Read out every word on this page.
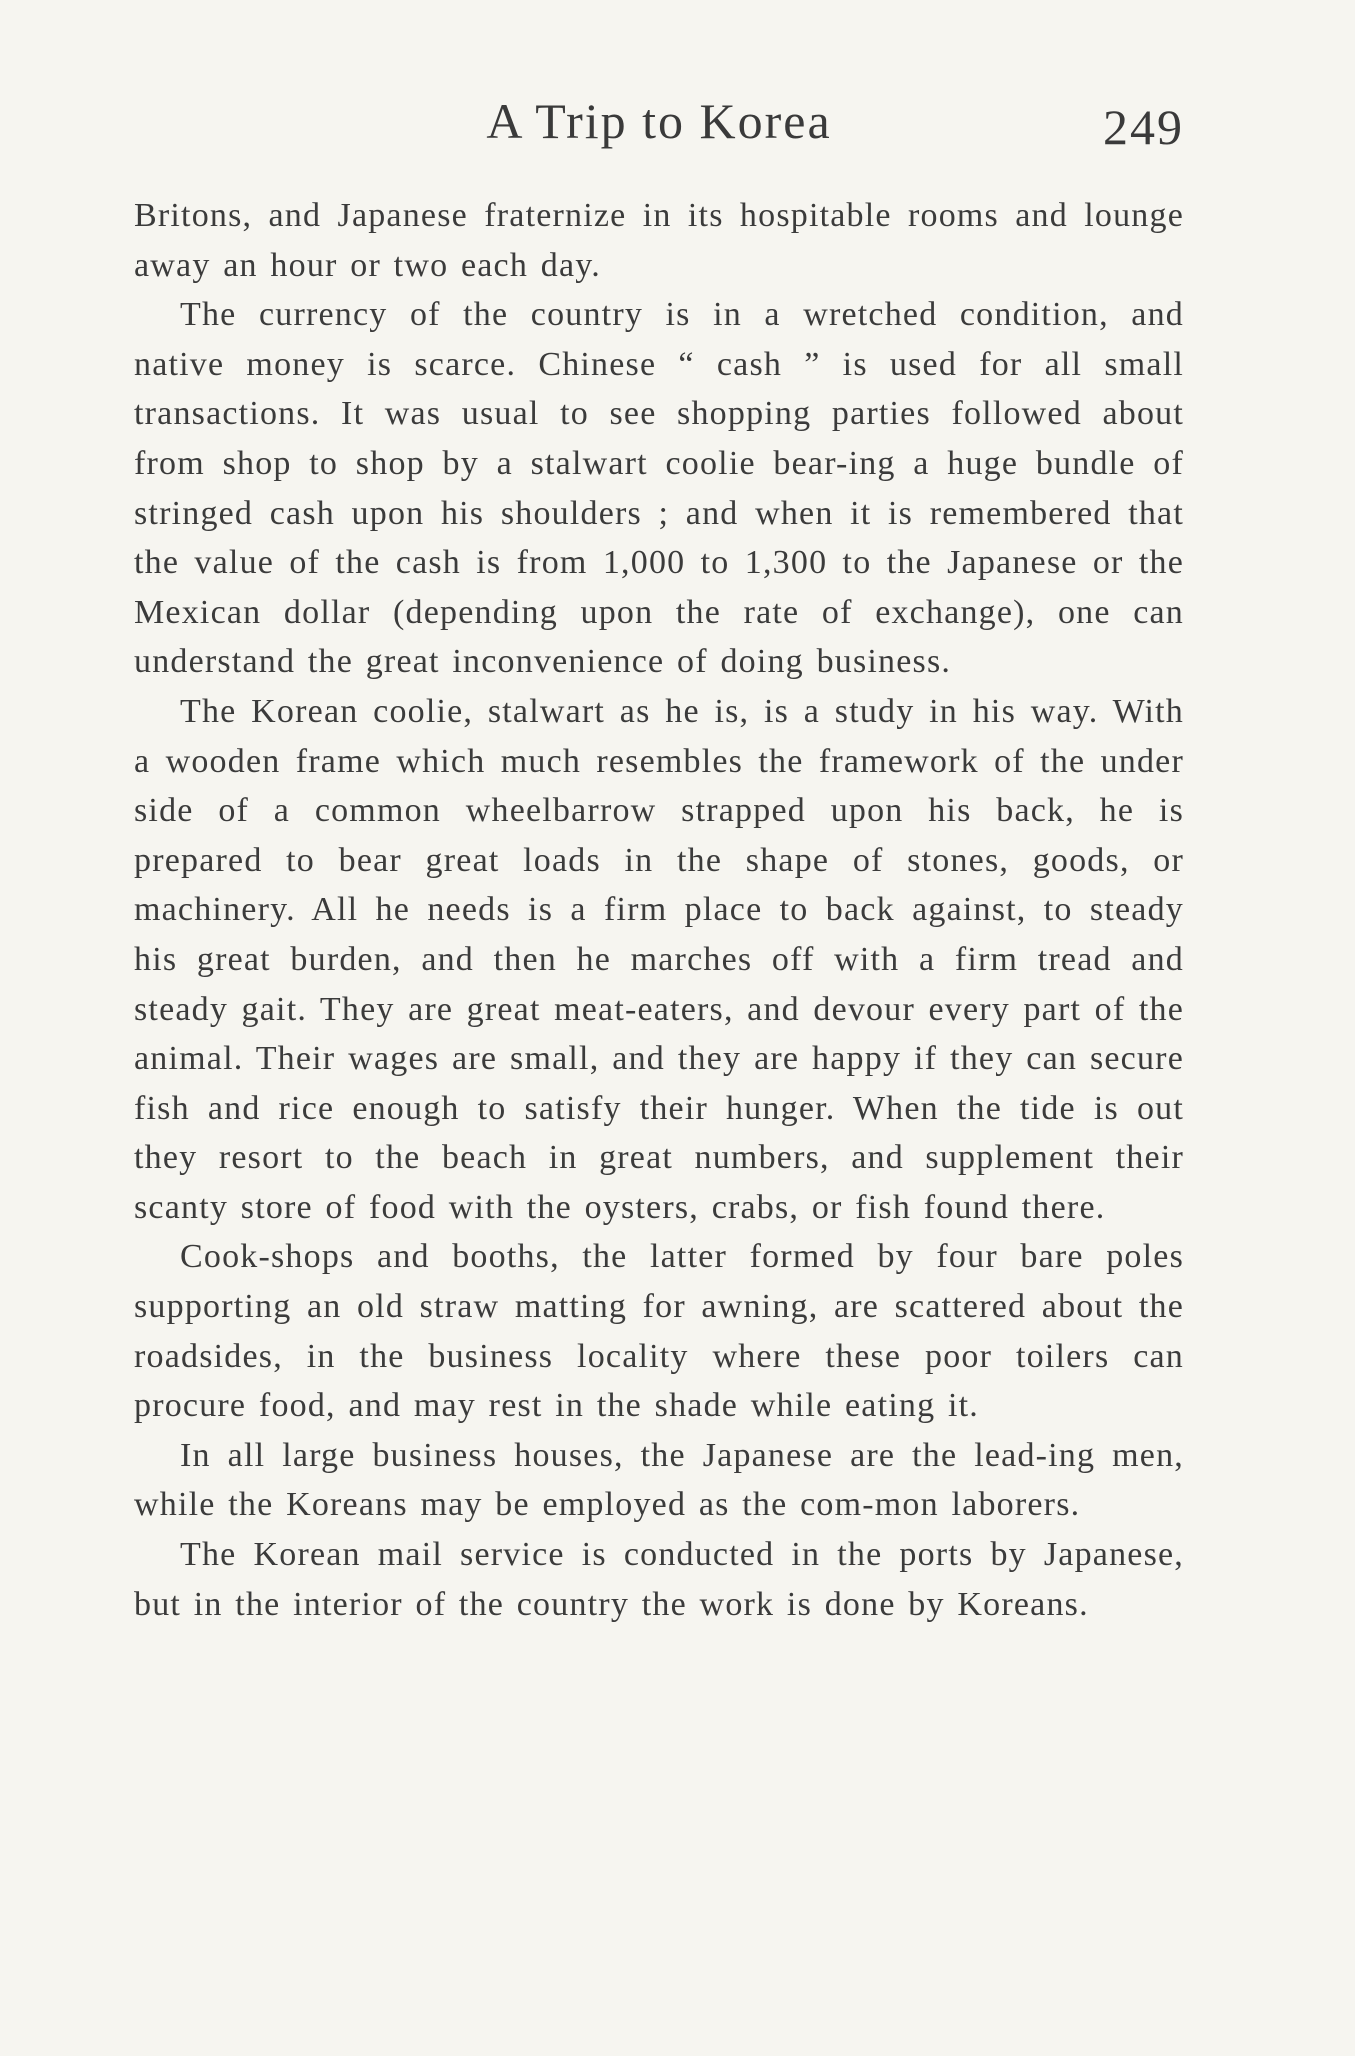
A Trip to Korea	249

Britons, and Japanese fraternize in its hospitable rooms and lounge away an hour or two each day.

The currency of the country is in a wretched condition, and native money is scarce. Chinese “ cash ” is used for all small transactions. It was usual to see shopping parties followed about from shop to shop by a stalwart coolie bear-ing a huge bundle of stringed cash upon his shoulders ; and when it is remembered that the value of the cash is from 1,000 to 1,300 to the Japanese or the Mexican dollar (depending upon the rate of exchange), one can understand the great inconvenience of doing business.

The Korean coolie, stalwart as he is, is a study in his way. With a wooden frame which much resembles the framework of the under side of a common wheelbarrow strapped upon his back, he is prepared to bear great loads in the shape of stones, goods, or machinery. All he needs is a firm place to back against, to steady his great burden, and then he marches off with a firm tread and steady gait. They are great meat-eaters, and devour every part of the animal. Their wages are small, and they are happy if they can secure fish and rice enough to satisfy their hunger. When the tide is out they resort to the beach in great numbers, and supplement their scanty store of food with the oysters, crabs, or fish found there.

Cook-shops and booths, the latter formed by four bare poles supporting an old straw matting for awning, are scattered about the roadsides, in the business locality where these poor toilers can procure food, and may rest in the shade while eating it.

In all large business houses, the Japanese are the lead-ing men, while the Koreans may be employed as the com-mon laborers.

The Korean mail service is conducted in the ports by Japanese, but in the interior of the country the work is done by Koreans.
